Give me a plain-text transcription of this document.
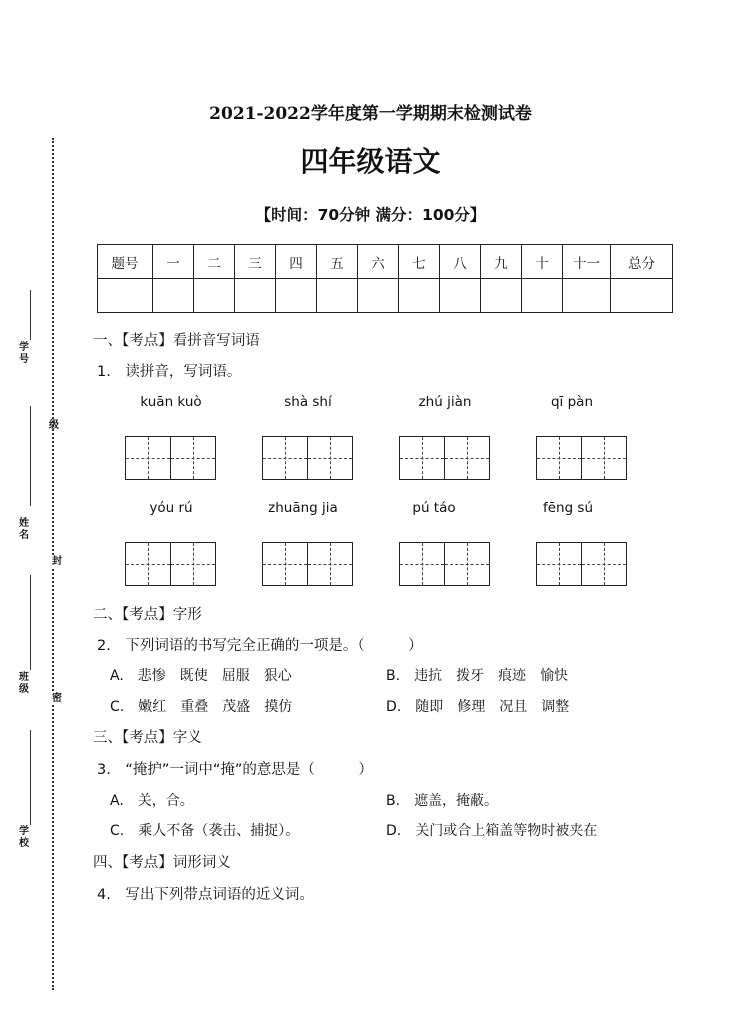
学号
级
姓名
封
班级
密
学校
2021-2022学年度第一学期期末检测试卷
四年级语文
【时间：70分钟 满分：100分】
题号	一	二	三	四	五	六	七	八	九	十	十一	总分

一、【考点】看拼音写词语
1.　读拼音，写词语。
kuān kuò	shà shí	zhú jiàn	qī pàn
yóu rú	zhuāng jia	pú táo	fēng sú
二、【考点】字形
2.　下列词语的书写完全正确的一项是。（　　　）
A. 悲惨 既使 屈服 狠心	B. 违抗 拨牙 痕迹 愉快
C. 嫩红 重叠 茂盛 摸仿	D. 随即 修理 况且 调整
三、【考点】字义
3.　“掩护”一词中“掩”的意思是（　　　）
A. 关，合。	B. 遮盖，掩蔽。
C. 乘人不备（袭击、捕捉）。	D. 关门或合上箱盖等物时被夹在
四、【考点】词形词义
4.　写出下列带点词语的近义词。
